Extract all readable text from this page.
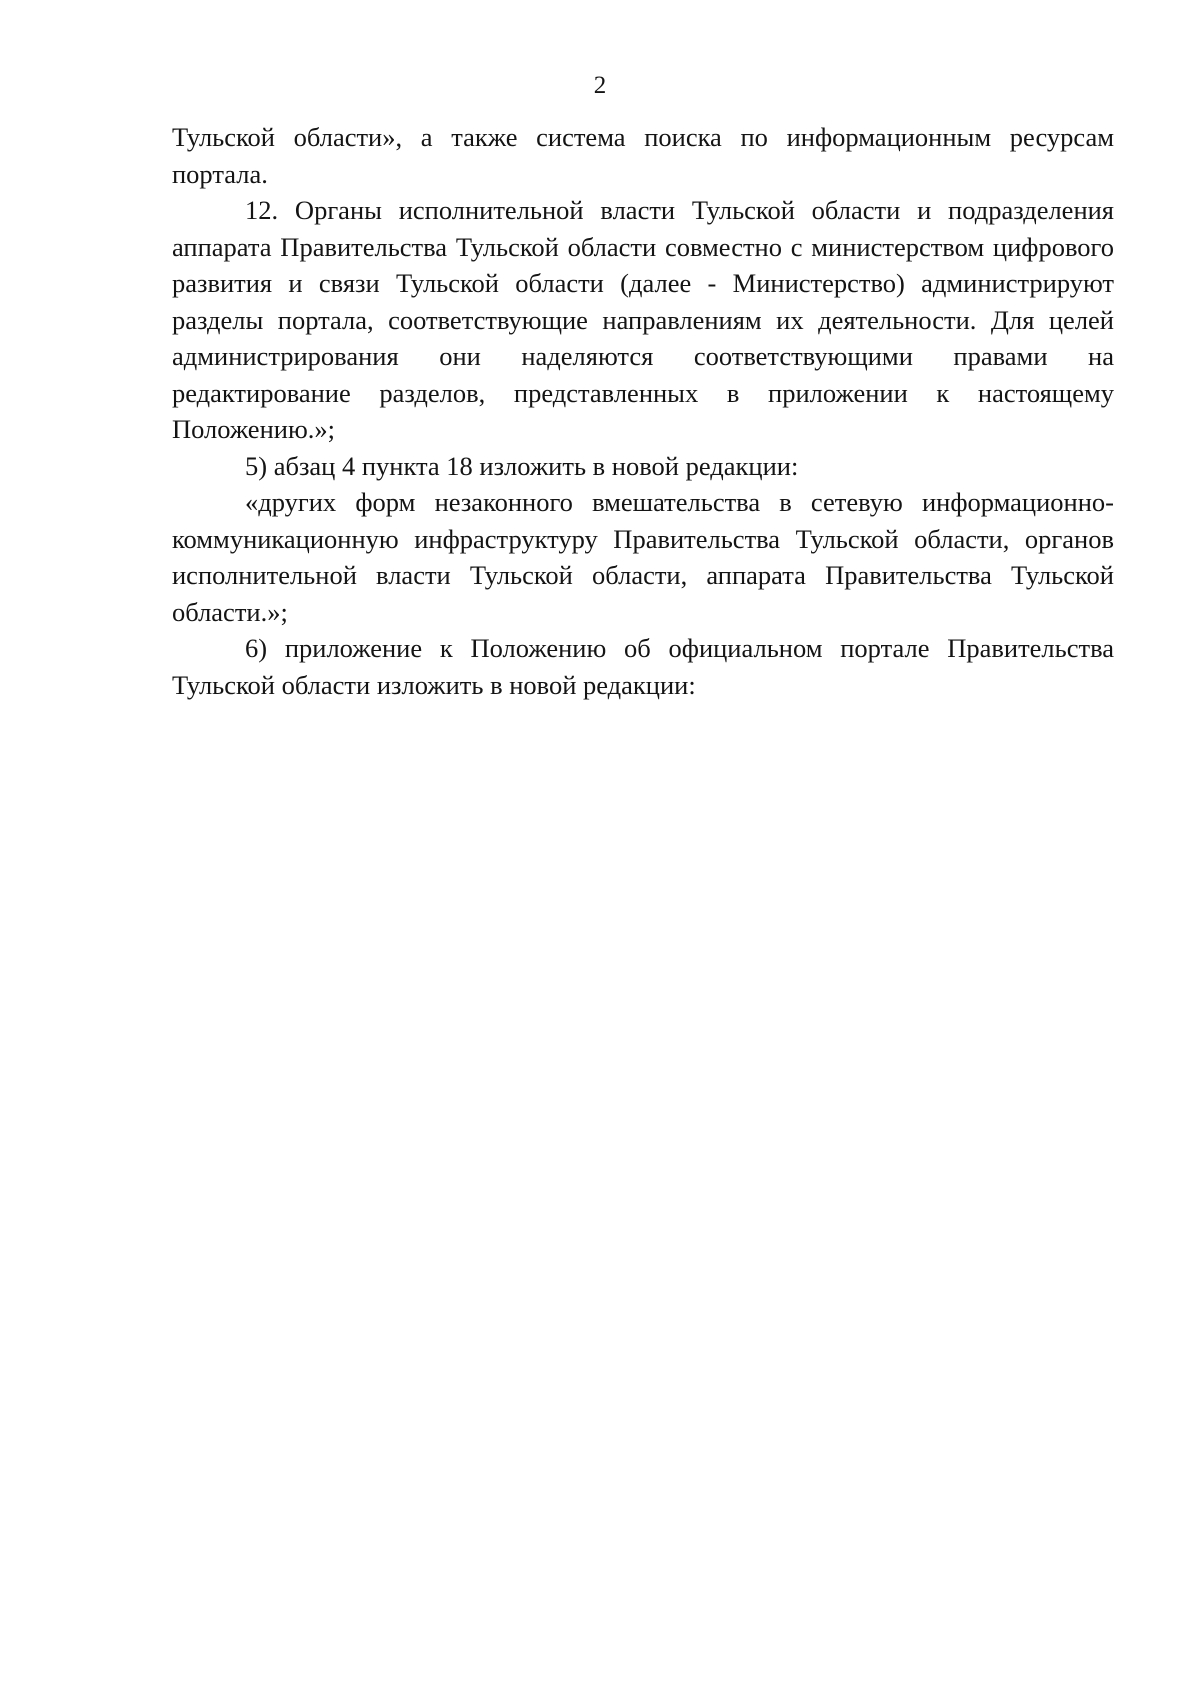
2

Тульской области», а также система поиска по информационным ресурсам портала.

12. Органы исполнительной власти Тульской области и подразделения аппарата Правительства Тульской области совместно с министерством цифрового развития и связи Тульской области (далее - Министерство) администрируют разделы портала, соответствующие направлениям их деятельности. Для целей администрирования они наделяются соответствующими правами на редактирование разделов, представленных в приложении к настоящему Положению.»;

5) абзац 4 пункта 18 изложить в новой редакции:

«других форм незаконного вмешательства в сетевую информационно-коммуникационную инфраструктуру Правительства Тульской области, органов исполнительной власти Тульской области, аппарата Правительства Тульской области.»;

6) приложение к Положению об официальном портале Правительства Тульской области изложить в новой редакции:
